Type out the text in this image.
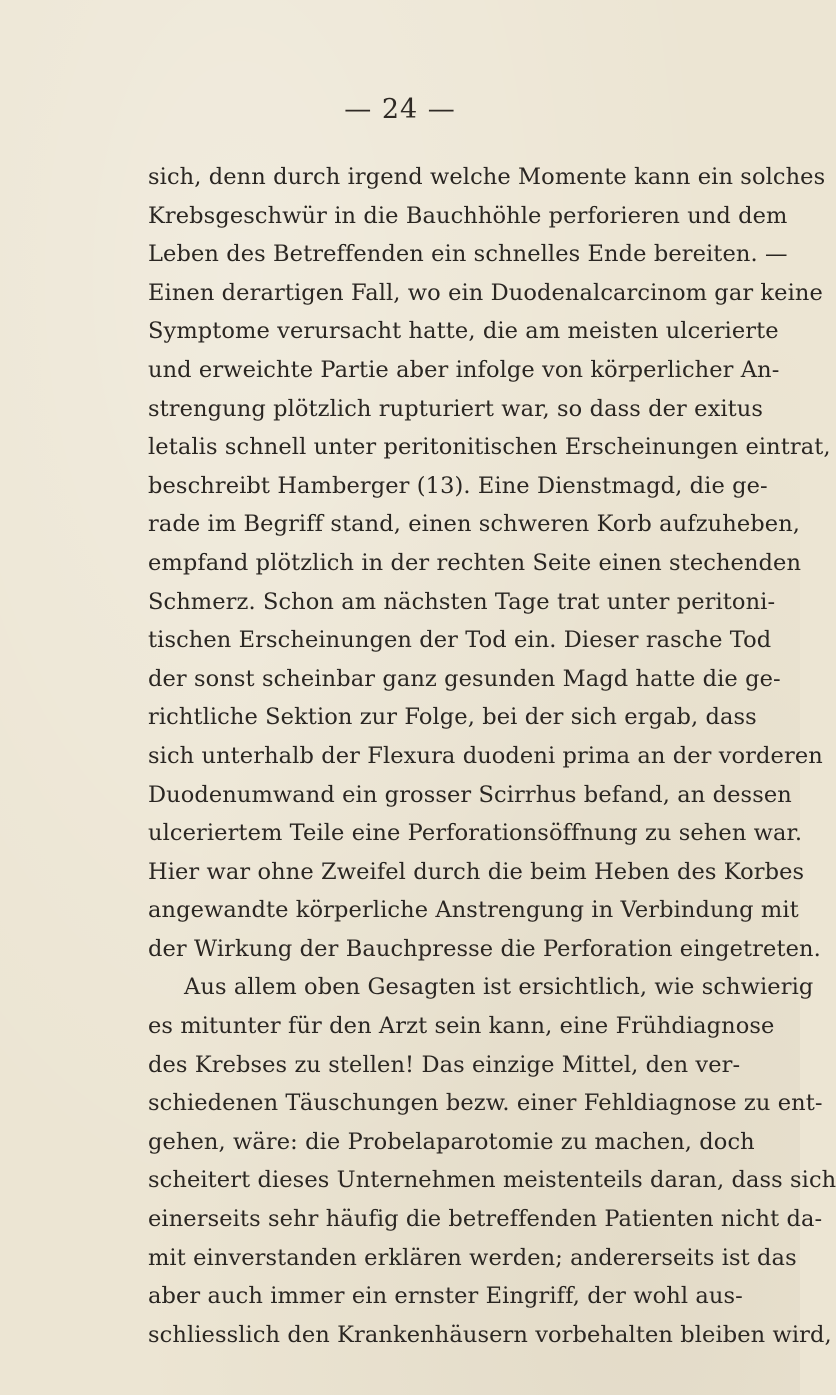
— 24 —
sich, denn durch irgend welche Momente kann ein solches
Krebsgeschwür in die Bauchhöhle perforieren und dem
Leben des Betreffenden ein schnelles Ende bereiten. —
Einen derartigen Fall, wo ein Duodenalcarcinom gar keine
Symptome verursacht hatte, die am meisten ulcerierte
und erweichte Partie aber infolge von körperlicher An-
strengung plötzlich rupturiert war, so dass der exitus
letalis schnell unter peritonitischen Erscheinungen eintrat,
beschreibt Hamberger (13). Eine Dienstmagd, die ge-
rade im Begriff stand, einen schweren Korb aufzuheben,
empfand plötzlich in der rechten Seite einen stechenden
Schmerz. Schon am nächsten Tage trat unter peritoni-
tischen Erscheinungen der Tod ein. Dieser rasche Tod
der sonst scheinbar ganz gesunden Magd hatte die ge-
richtliche Sektion zur Folge, bei der sich ergab, dass
sich unterhalb der Flexura duodeni prima an der vorderen
Duodenumwand ein grosser Scirrhus befand, an dessen
ulceriertem Teile eine Perforationsöffnung zu sehen war.
Hier war ohne Zweifel durch die beim Heben des Korbes
angewandte körperliche Anstrengung in Verbindung mit
der Wirkung der Bauchpresse die Perforation eingetreten.
Aus allem oben Gesagten ist ersichtlich, wie schwierig
es mitunter für den Arzt sein kann, eine Frühdiagnose
des Krebses zu stellen! Das einzige Mittel, den ver-
schiedenen Täuschungen bezw. einer Fehldiagnose zu ent-
gehen, wäre: die Probelaparotomie zu machen, doch
scheitert dieses Unternehmen meistenteils daran, dass sich
einerseits sehr häufig die betreffenden Patienten nicht da-
mit einverstanden erklären werden; andererseits ist das
aber auch immer ein ernster Eingriff, der wohl aus-
schliesslich den Krankenhäusern vorbehalten bleiben wird,
